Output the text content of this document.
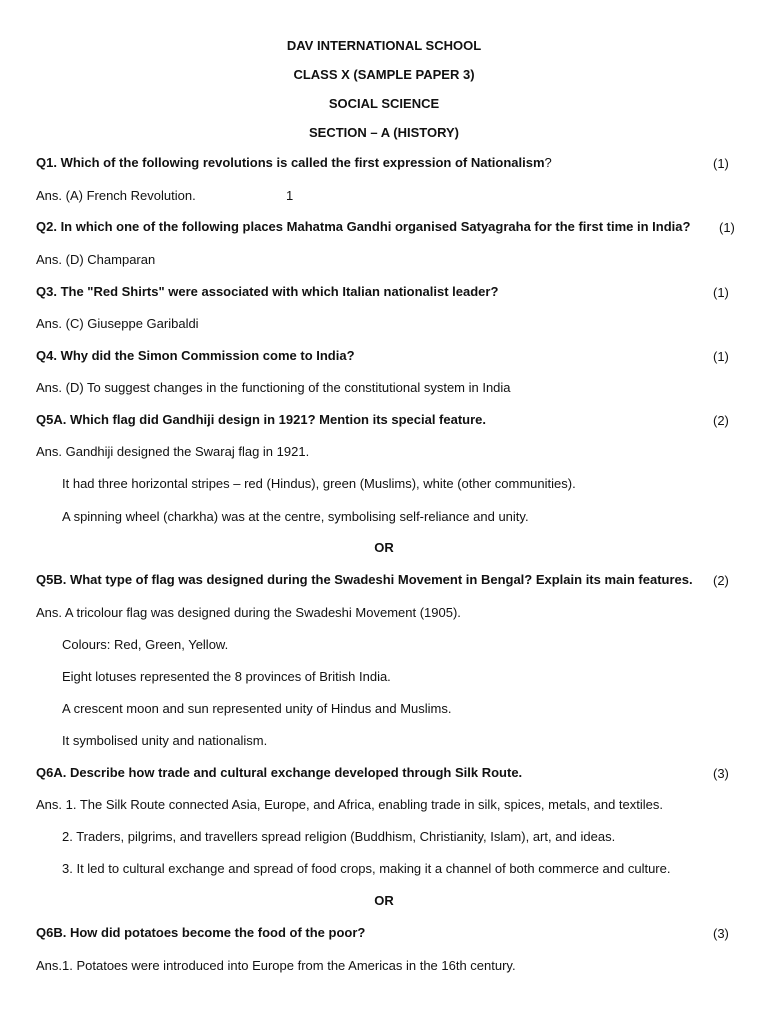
DAV INTERNATIONAL SCHOOL
CLASS X (SAMPLE PAPER 3)
SOCIAL SCIENCE
SECTION – A (HISTORY)
Q1. Which of the following revolutions is called the first expression of Nationalism?	(1)
Ans. (A) French Revolution.	1
Q2. In which one of the following places Mahatma Gandhi organised Satyagraha for the first time in India?	(1)
Ans. (D) Champaran
Q3. The "Red Shirts" were associated with which Italian nationalist leader?	(1)
Ans. (C) Giuseppe Garibaldi
Q4. Why did the Simon Commission come to India?	(1)
Ans. (D) To suggest changes in the functioning of the constitutional system in India
Q5A. Which flag did Gandhiji design in 1921? Mention its special feature.	(2)
Ans. Gandhiji designed the Swaraj flag in 1921.
It had three horizontal stripes – red (Hindus), green (Muslims), white (other communities).
A spinning wheel (charkha) was at the centre, symbolising self-reliance and unity.
OR
Q5B. What type of flag was designed during the Swadeshi Movement in Bengal? Explain its main features. (2)
Ans. A tricolour flag was designed during the Swadeshi Movement (1905).
Colours: Red, Green, Yellow.
Eight lotuses represented the 8 provinces of British India.
A crescent moon and sun represented unity of Hindus and Muslims.
It symbolised unity and nationalism.
Q6A. Describe how trade and cultural exchange developed through Silk Route.	(3)
Ans. 1. The Silk Route connected Asia, Europe, and Africa, enabling trade in silk, spices, metals, and textiles.
2. Traders, pilgrims, and travellers spread religion (Buddhism, Christianity, Islam), art, and ideas.
3. It led to cultural exchange and spread of food crops, making it a channel of both commerce and culture.
OR
Q6B. How did potatoes become the food of the poor?	(3)
Ans.1. Potatoes were introduced into Europe from the Americas in the 16th century.
